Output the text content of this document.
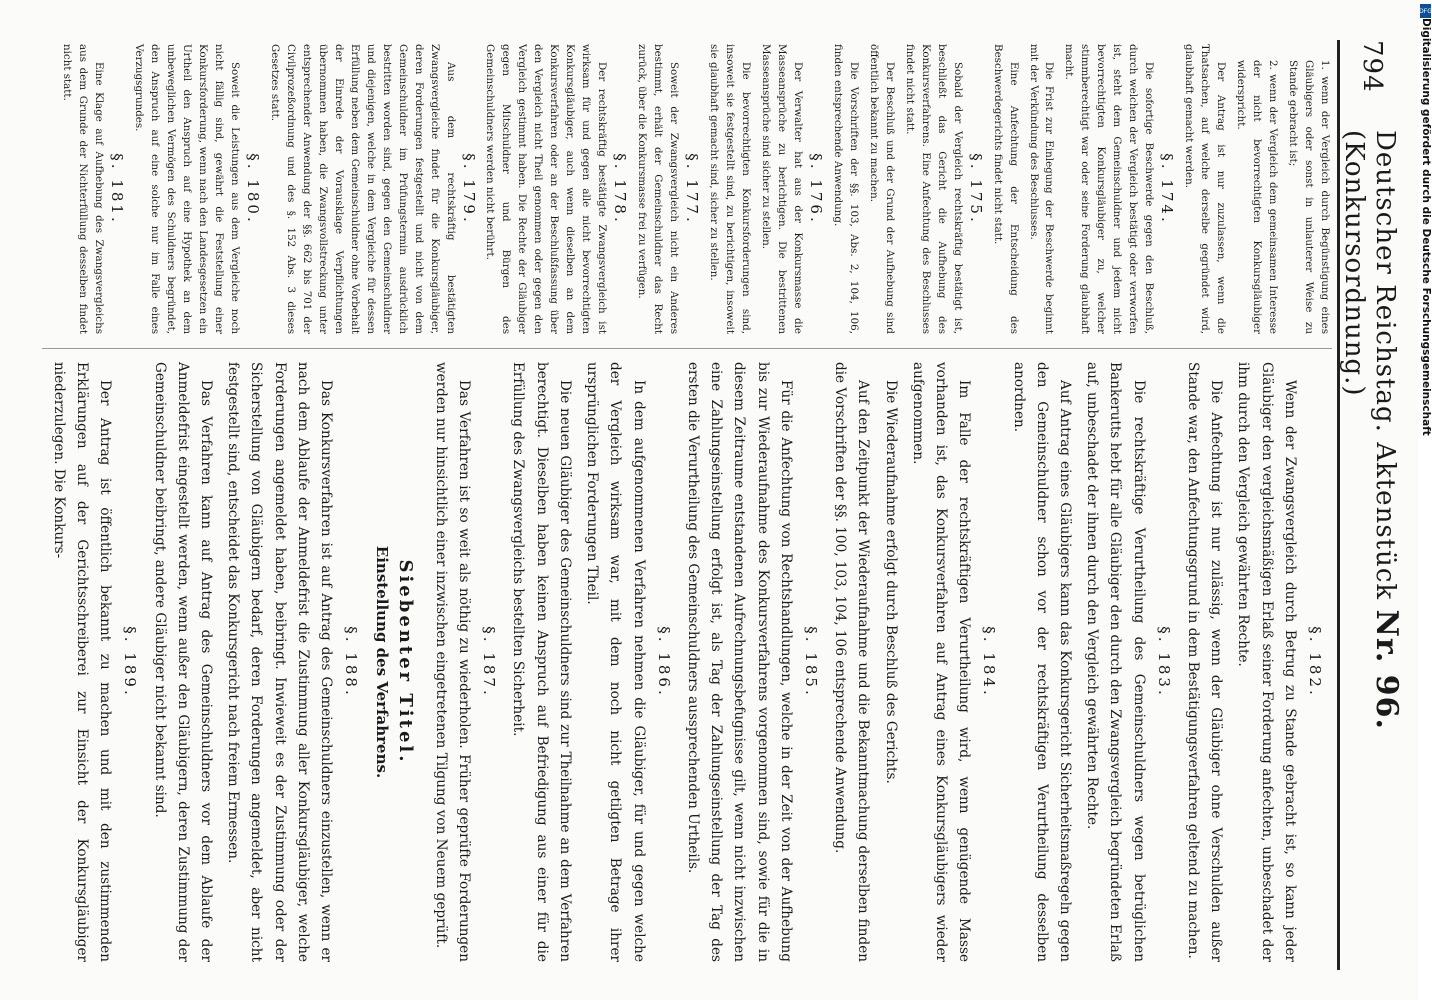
794
Deutscher Reichstag. Aktenstück Nr. 96. (Konkursordnung.)

1. wenn der Vergleich durch Begünstigung eines Gläubigers oder sonst in unlauterer Weise zu Stande gebracht ist;

2. wenn der Vergleich dem gemeinsamen Interesse der nicht bevorrechtigten Konkursgläubiger widerspricht.

Der Antrag ist nur zuzulassen, wenn die Thatsachen, auf welche derselbe gegründet wird, glaubhaft gemacht werden.

§. 174.

Die sofortige Beschwerde gegen den Beschluß, durch welchen der Vergleich bestätigt oder verworfen ist, steht dem Gemeinschuldner und jedem nicht bevorrechtigten Konkursgläubiger zu, welcher stimmberechtigt war oder seine Forderung glaubhaft macht.

Die Frist zur Einlegung der Beschwerde beginnt mit der Verkündung des Beschlusses.

Eine Anfechtung der Entscheidung des Beschwerdegerichts findet nicht statt.

§. 175.

Sobald der Vergleich rechtskräftig bestätigt ist, beschließt das Gericht die Aufhebung des Konkursverfahrens. Eine Anfechtung des Beschlusses findet nicht statt.

Der Beschluß und der Grund der Aufhebung sind öffentlich bekannt zu machen.

Die Vorschriften der §§. 103, Abs. 2, 104, 106, finden entsprechende Anwendung.

§. 176.

Der Verwalter hat aus der Konkursmasse die Masseansprüche zu berichtigen. Die bestrittenen Masseansprüche sind sicher zu stellen.

Die bevorrechtigten Konkursforderungen sind, insoweit sie festgestellt sind, zu berichtigen, insoweit sie glaubhaft gemacht sind, sicher zu stellen.

§. 177.

Soweit der Zwangsvergleich nicht ein Anderes bestimmt, erhält der Gemeinschuldner das Recht zurück, über die Konkursmasse frei zu verfügen.

§. 178.

Der rechtskräftig bestätigte Zwangsvergleich ist wirksam für und gegen alle nicht bevorrechtigten Konkursgläubiger, auch wenn dieselben an dem Konkursverfahren oder an der Beschlußfassung über den Vergleich nicht Theil genommen oder gegen den Vergleich gestimmt haben. Die Rechte der Gläubiger gegen Mitschuldner und Bürgen des Gemeinschuldners werden nicht berührt.

§. 179.

Aus dem rechtskräftig bestätigten Zwangsvergleiche findet für die Konkursgläubiger, deren Forderungen festgestellt und nicht von dem Gemeinschuldner im Prüfungstermin ausdrücklich bestritten worden sind, gegen den Gemeinschuldner und diejenigen, welche in dem Vergleiche für dessen Erfüllung neben dem Gemeinschuldner ohne Vorbehalt der Einrede der Vorausklage Verpflichtungen übernommen haben, die Zwangsvollstreckung unter entsprechender Anwendung der §§. 662 bis 701 der Civilprozeßordnung und des §. 152 Abs. 3 dieses Gesetzes statt.

§. 180.

Soweit die Leistungen aus dem Vergleiche noch nicht fällig sind, gewährt die Feststellung einer Konkursforderung, wenn nach den Landesgesetzen ein Urtheil den Anspruch auf eine Hypothek an dem unbeweglichen Vermögen des Schuldners begründet, den Anspruch auf eine solche nur im Falle eines Verzugsgrundes.

§. 181.

Eine Klage auf Aufhebung des Zwangsvergleichs aus dem Grunde der Nichterfüllung desselben findet nicht statt.

§. 182.

Wenn der Zwangsvergleich durch Betrug zu Stande gebracht ist, so kann jeder Gläubiger den vergleichsmäßigen Erlaß seiner Forderung anfechten, unbeschadet der ihm durch den Vergleich gewährten Rechte.

Die Anfechtung ist nur zulässig, wenn der Gläubiger ohne Verschulden außer Stande war, den Anfechtungsgrund in dem Bestätigungsverfahren geltend zu machen.

§. 183.

Die rechtskräftige Verurtheilung des Gemeinschuldners wegen betrüglichen Bankerutts hebt für alle Gläubiger den durch den Zwangsvergleich begründeten Erlaß auf, unbeschadet der ihnen durch den Vergleich gewährten Rechte.

Auf Antrag eines Gläubigers kann das Konkursgericht Sicherheitsmaßregeln gegen den Gemeinschuldner schon vor der rechtskräftigen Verurtheilung desselben anordnen.

§. 184.

Im Falle der rechtskräftigen Verurtheilung wird, wenn genügende Masse vorhanden ist, das Konkursverfahren auf Antrag eines Konkursgläubigers wieder aufgenommen.

Die Wiederaufnahme erfolgt durch Beschluß des Gerichts.

Auf den Zeitpunkt der Wiederaufnahme und die Bekanntmachung derselben finden die Vorschriften der §§. 100, 103, 104, 106 entsprechende Anwendung.

§. 185.

Für die Anfechtung von Rechtshandlungen, welche in der Zeit von der Aufhebung bis zur Wiederaufnahme des Konkursverfahrens vorgenommen sind, sowie für die in diesem Zeitraume entstandenen Aufrechnungsbefugnisse gilt, wenn nicht inzwischen eine Zahlungseinstellung erfolgt ist, als Tag der Zahlungseinstellung der Tag des ersten die Verurtheilung des Gemeinschuldners aussprechenden Urtheils.

§. 186.

In dem aufgenommenen Verfahren nehmen die Gläubiger, für und gegen welche der Vergleich wirksam war, mit dem noch nicht getilgten Betrage ihrer ursprünglichen Forderungen Theil.

Die neuen Gläubiger des Gemeinschuldners sind zur Theilnahme an dem Verfahren berechtigt. Dieselben haben keinen Anspruch auf Befriedigung aus einer für die Erfüllung des Zwangsvergleichs bestellten Sicherheit.

§. 187.

Das Verfahren ist so weit als nöthig zu wiederholen. Früher geprüfte Forderungen werden nur hinsichtlich einer inzwischen eingetretenen Tilgung von Neuem geprüft.

Siebenter Titel.

Einstellung des Verfahrens.

§. 188.

Das Konkursverfahren ist auf Antrag des Gemeinschuldners einzustellen, wenn er nach dem Ablaufe der Anmeldefrist die Zustimmung aller Konkursgläubiger, welche Forderungen angemeldet haben, beibringt. Inwieweit es der Zustimmung oder der Sicherstellung von Gläubigern bedarf, deren Forderungen angemeldet, aber nicht festgestellt sind, entscheidet das Konkursgericht nach freiem Ermessen.

Das Verfahren kann auf Antrag des Gemeinschuldners vor dem Ablaufe der Anmeldefrist eingestellt werden, wenn außer den Gläubigern, deren Zustimmung der Gemeinschuldner beibringt, andere Gläubiger nicht bekannt sind.

§. 189.

Der Antrag ist öffentlich bekannt zu machen und mit den zustimmenden Erklärungen auf der Gerichtsschreiberei zur Einsicht der Konkursgläubiger niederzulegen. Die Konkurs-

DFG
Digitalisierung gefördert durch die Deutsche Forschungsgemeinschaft
